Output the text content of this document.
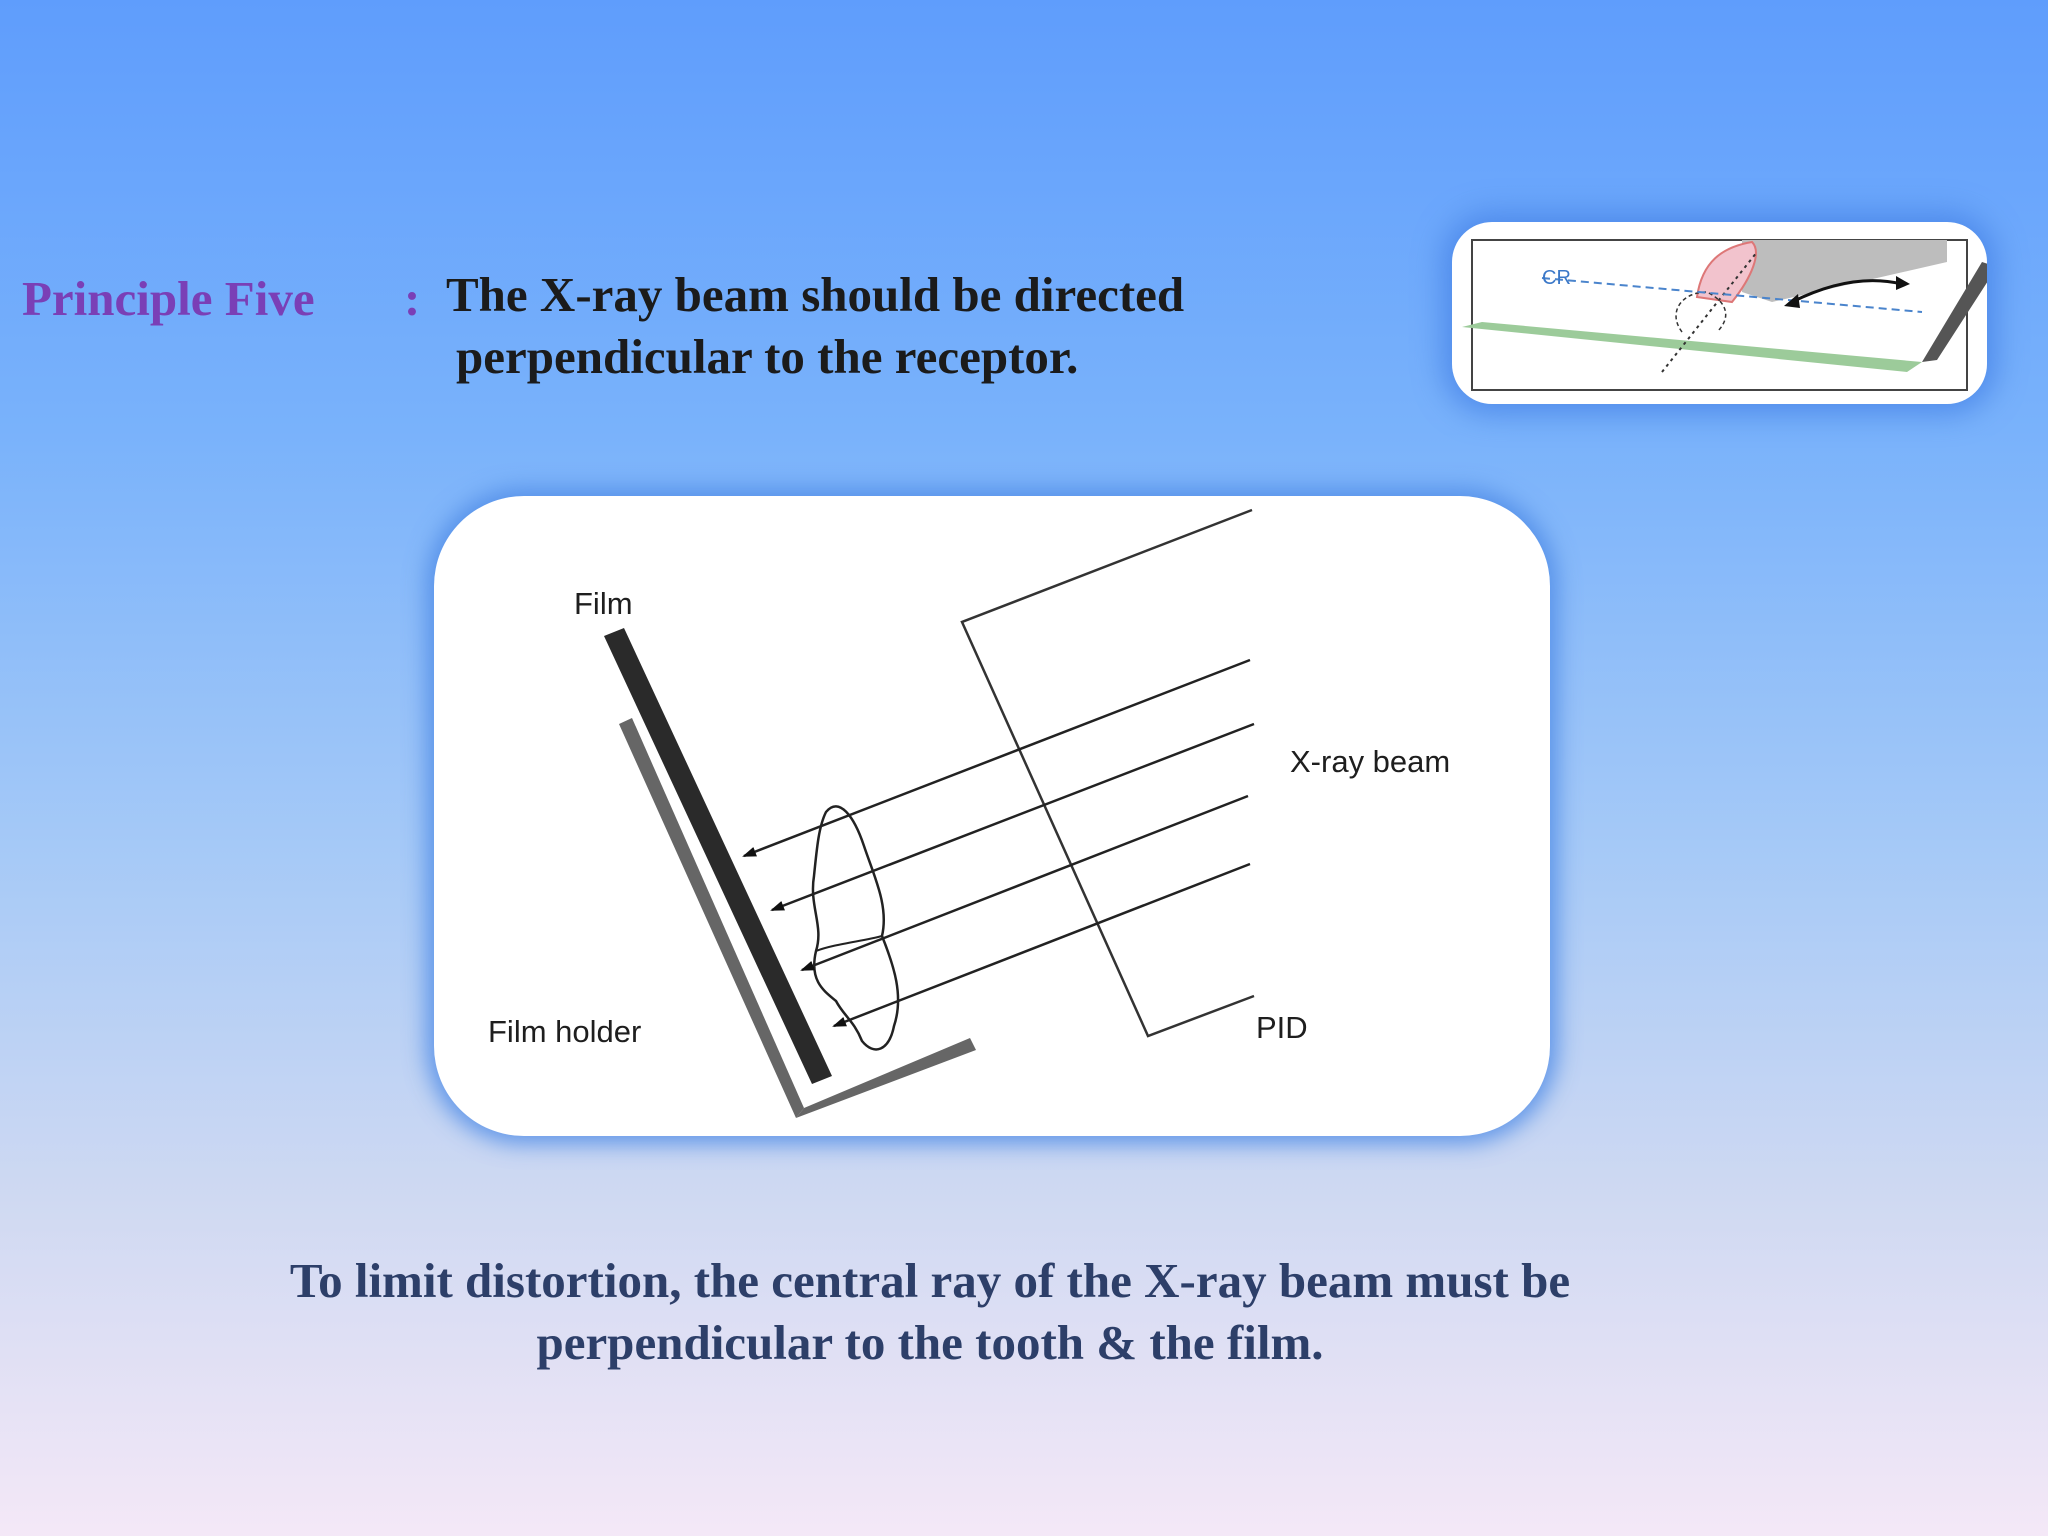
Principle Five : The X-ray beam should be directed
perpendicular to the receptor.
CR
Film
Film holder
X-ray beam
PID
To limit distortion, the central ray of the X-ray beam must be
perpendicular to the tooth & the film.
